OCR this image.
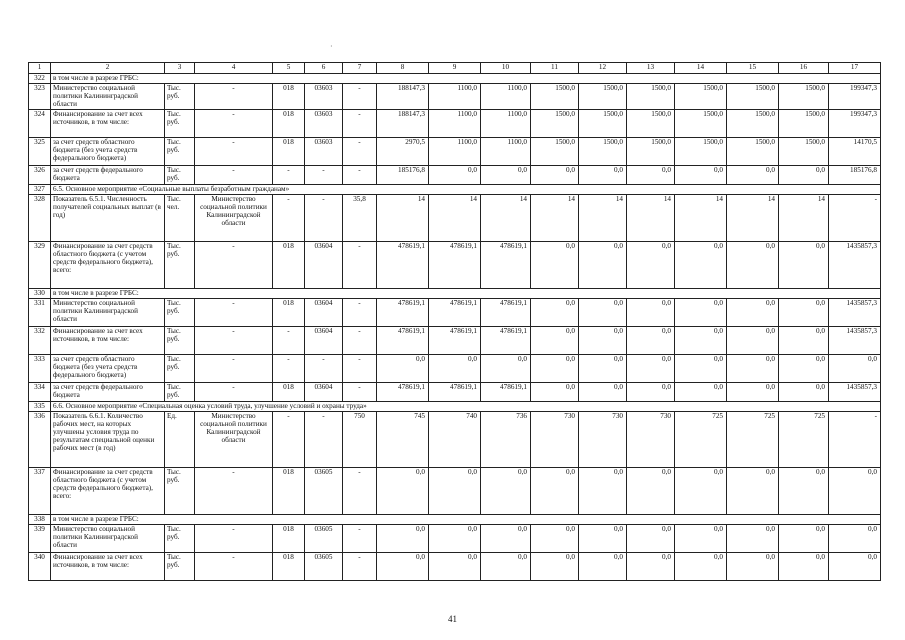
1	2	3	4	5	6	7	8	9	10	11	12	13	14	15	16	17
322	в том числе в разрезе ГРБС:															
323	Министерство социальной политики Калининградской области	Тыс. руб.	-	018	03603	-	188147,3	1100,0	1100,0	1500,0	1500,0	1500,0	1500,0	1500,0	1500,0	199347,3
324	Финансирование за счет всех источников, в том числе:	Тыс. руб.	-	018	03603	-	188147,3	1100,0	1100,0	1500,0	1500,0	1500,0	1500,0	1500,0	1500,0	199347,3
325	за счет средств областного бюджета (без учета средств федерального бюджета)	Тыс. руб.	-	018	03603	-	2970,5	1100,0	1100,0	1500,0	1500,0	1500,0	1500,0	1500,0	1500,0	14170,5
326	за счет средств федерального бюджета	Тыс. руб.	-	-	-	-	185176,8	0,0	0,0	0,0	0,0	0,0	0,0	0,0	0,0	185176,8
327	6.5. Основное мероприятие «Социальные выплаты безработным гражданам»															
328	Показатель 6.5.1. Численность получателей социальных выплат (в год)	Тыс. чел.	Министерство социальной политики Калининградской области	-	-	35,8	14	14	14	14	14	14	14	14	14	-
329	Финансирование за счет средств областного бюджета (с учетом средств федерального бюджета), всего:	Тыс. руб.	-	018	03604	-	478619,1	478619,1	478619,1	0,0	0,0	0,0	0,0	0,0	0,0	1435857,3
330	в том числе в разрезе ГРБС:															
331	Министерство социальной политики Калининградской области	Тыс. руб.	-	018	03604	-	478619,1	478619,1	478619,1	0,0	0,0	0,0	0,0	0,0	0,0	1435857,3
332	Финансирование за счет всех источников, в том числе:	Тыс. руб.	-	-	03604	-	478619,1	478619,1	478619,1	0,0	0,0	0,0	0,0	0,0	0,0	1435857,3
333	за счет средств областного бюджета (без учета средств федерального бюджета)	Тыс. руб.	-	-	-	-	0,0	0,0	0,0	0,0	0,0	0,0	0,0	0,0	0,0	0,0
334	за счет средств федерального бюджета	Тыс. руб.	-	018	03604	-	478619,1	478619,1	478619,1	0,0	0,0	0,0	0,0	0,0	0,0	1435857,3
335	6.6. Основное мероприятие «Специальная оценка условий труда, улучшение условий и охраны труда»															
336	Показатель 6.6.1. Количество рабочих мест, на которых улучшены условия труда по результатам специальной оценки рабочих мест (в год)	Ед.	Министерство социальной политики Калининградской области	-	-	750	745	740	736	730	730	730	725	725	725	-
337	Финансирование за счет средств областного бюджета (с учетом средств федерального бюджета), всего:	Тыс. руб.	-	018	03605	-	0,0	0,0	0,0	0,0	0,0	0,0	0,0	0,0	0,0	0,0
338	в том числе в разрезе ГРБС:															
339	Министерство социальной политики Калининградской области	Тыс. руб.	-	018	03605	-	0,0	0,0	0,0	0,0	0,0	0,0	0,0	0,0	0,0	0,0
340	Финансирование за счет всех источников, в том числе:	Тыс. руб.	-	018	03605	-	0,0	0,0	0,0	0,0	0,0	0,0	0,0	0,0	0,0	0,0
41
·
